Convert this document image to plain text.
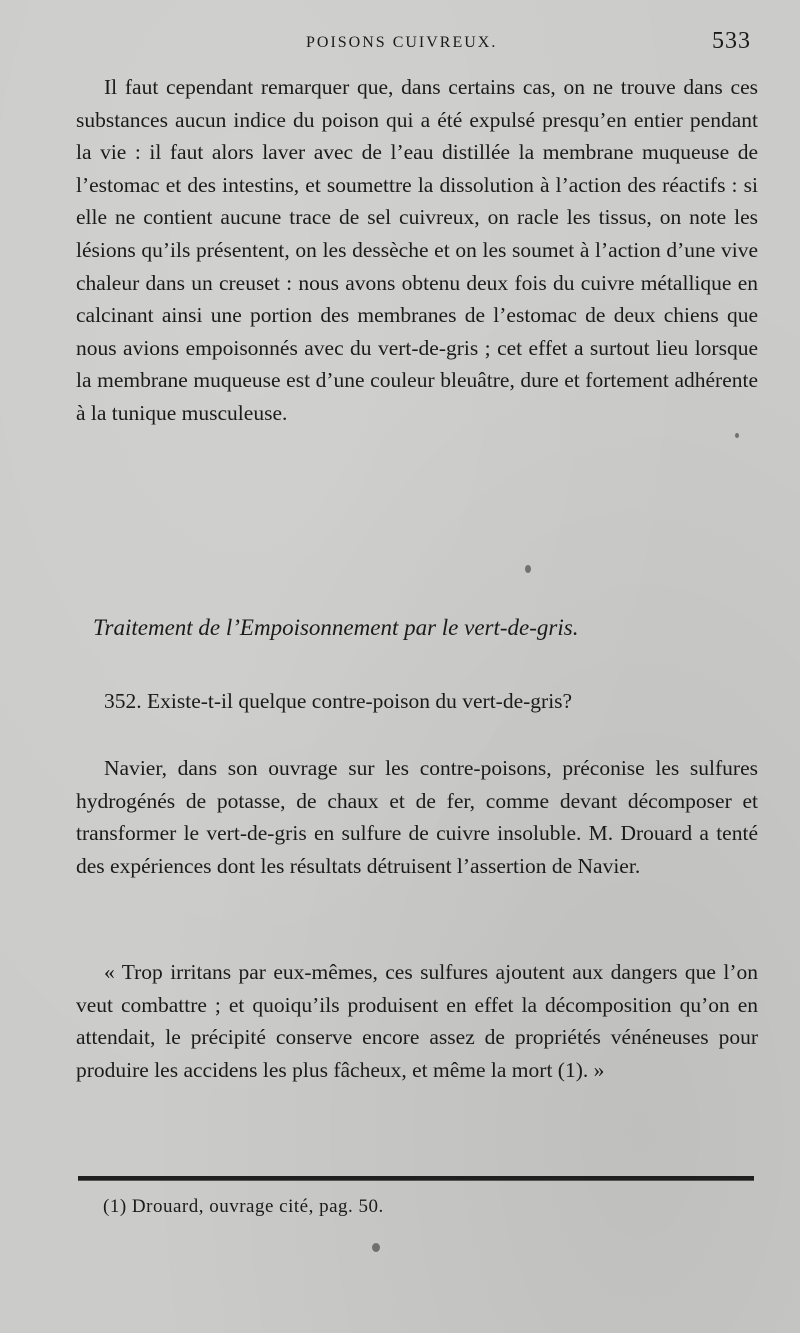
POISONS CUIVREUX.	533

Il faut cependant remarquer que, dans certains cas, on ne trouve dans ces substances aucun indice du poison qui a été expulsé presqu’en entier pendant la vie : il faut alors laver avec de l’eau distillée la membrane muqueuse de l’estomac et des intestins, et soumettre la dissolution à l’action des réactifs : si elle ne contient aucune trace de sel cuivreux, on racle les tissus, on note les lésions qu’ils présentent, on les dessèche et on les soumet à l’action d’une vive chaleur dans un creuset : nous avons obtenu deux fois du cuivre métallique en calcinant ainsi une portion des membranes de l’estomac de deux chiens que nous avions empoisonnés avec du vert-de-gris ; cet effet a surtout lieu lorsque la membrane muqueuse est d’une couleur bleuâtre, dure et fortement adhérente à la tunique musculeuse.

Traitement de l’Empoisonnement par le vert-de-gris.

352. Existe-t-il quelque contre-poison du vert-de-gris?

Navier, dans son ouvrage sur les contre-poisons, préconise les sulfures hydrogénés de potasse, de chaux et de fer, comme devant décomposer et transformer le vert-de-gris en sulfure de cuivre insoluble. M. Drouard a tenté des expériences dont les résultats détruisent l’assertion de Navier.

« Trop irritans par eux-mêmes, ces sulfures ajoutent aux dangers que l’on veut combattre ; et quoiqu’ils produisent en effet la décomposition qu’on en attendait, le précipité conserve encore assez de propriétés vénéneuses pour produire les accidens les plus fâcheux, et même la mort (1). »

(1) Drouard, ouvrage cité, pag. 50.
